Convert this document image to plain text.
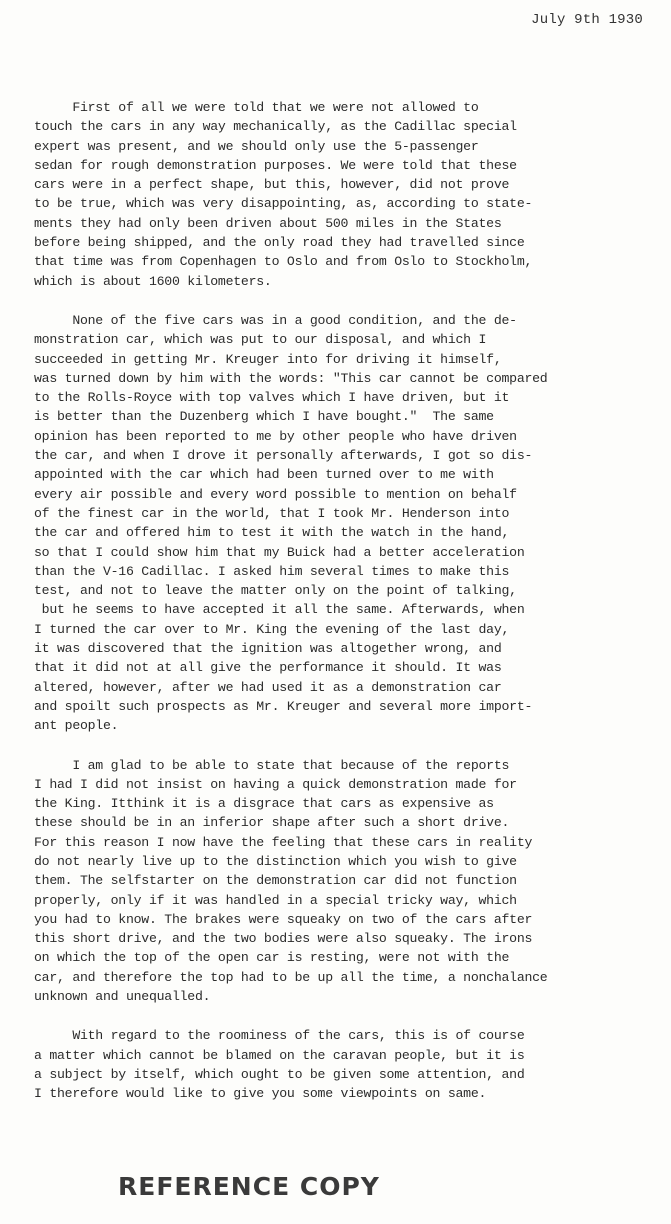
July 9th 1930

First of all we were told that we were not allowed to
touch the cars in any way mechanically, as the Cadillac special
expert was present, and we should only use the 5-passenger
sedan for rough demonstration purposes. We were told that these
cars were in a perfect shape, but this, however, did not prove
to be true, which was very disappointing, as, according to state-
ments they had only been driven about 500 miles in the States
before being shipped, and the only road they had travelled since
that time was from Copenhagen to Oslo and from Oslo to Stockholm,
which is about 1600 kilometers.

None of the five cars was in a good condition, and the de-
monstration car, which was put to our disposal, and which I
succeeded in getting Mr. Kreuger into for driving it himself,
was turned down by him with the words: "This car cannot be compared
to the Rolls-Royce with top valves which I have driven, but it
is better than the Duzenberg which I have bought."  The same
opinion has been reported to me by other people who have driven
the car, and when I drove it personally afterwards, I got so dis-
appointed with the car which had been turned over to me with
every air possible and every word possible to mention on behalf
of the finest car in the world, that I took Mr. Henderson into
the car and offered him to test it with the watch in the hand,
so that I could show him that my Buick had a better acceleration
than the V-16 Cadillac. I asked him several times to make this
test, and not to leave the matter only on the point of talking,
but he seems to have accepted it all the same. Afterwards, when
I turned the car over to Mr. King the evening of the last day,
it was discovered that the ignition was altogether wrong, and
that it did not at all give the performance it should. It was
altered, however, after we had used it as a demonstration car
and spoilt such prospects as Mr. Kreuger and several more import-
ant people.

I am glad to be able to state that because of the reports
I had I did not insist on having a quick demonstration made for
the King. Itthink it is a disgrace that cars as expensive as
these should be in an inferior shape after such a short drive.
For this reason I now have the feeling that these cars in reality
do not nearly live up to the distinction which you wish to give
them. The selfstarter on the demonstration car did not function
properly, only if it was handled in a special tricky way, which
you had to know. The brakes were squeaky on two of the cars after
this short drive, and the two bodies were also squeaky. The irons
on which the top of the open car is resting, were not with the
car, and therefore the top had to be up all the time, a nonchalance
unknown and unequalled.

With regard to the roominess of the cars, this is of course
a matter which cannot be blamed on the caravan people, but it is
a subject by itself, which ought to be given some attention, and
I therefore would like to give you some viewpoints on same.

REFERENCE COPY
